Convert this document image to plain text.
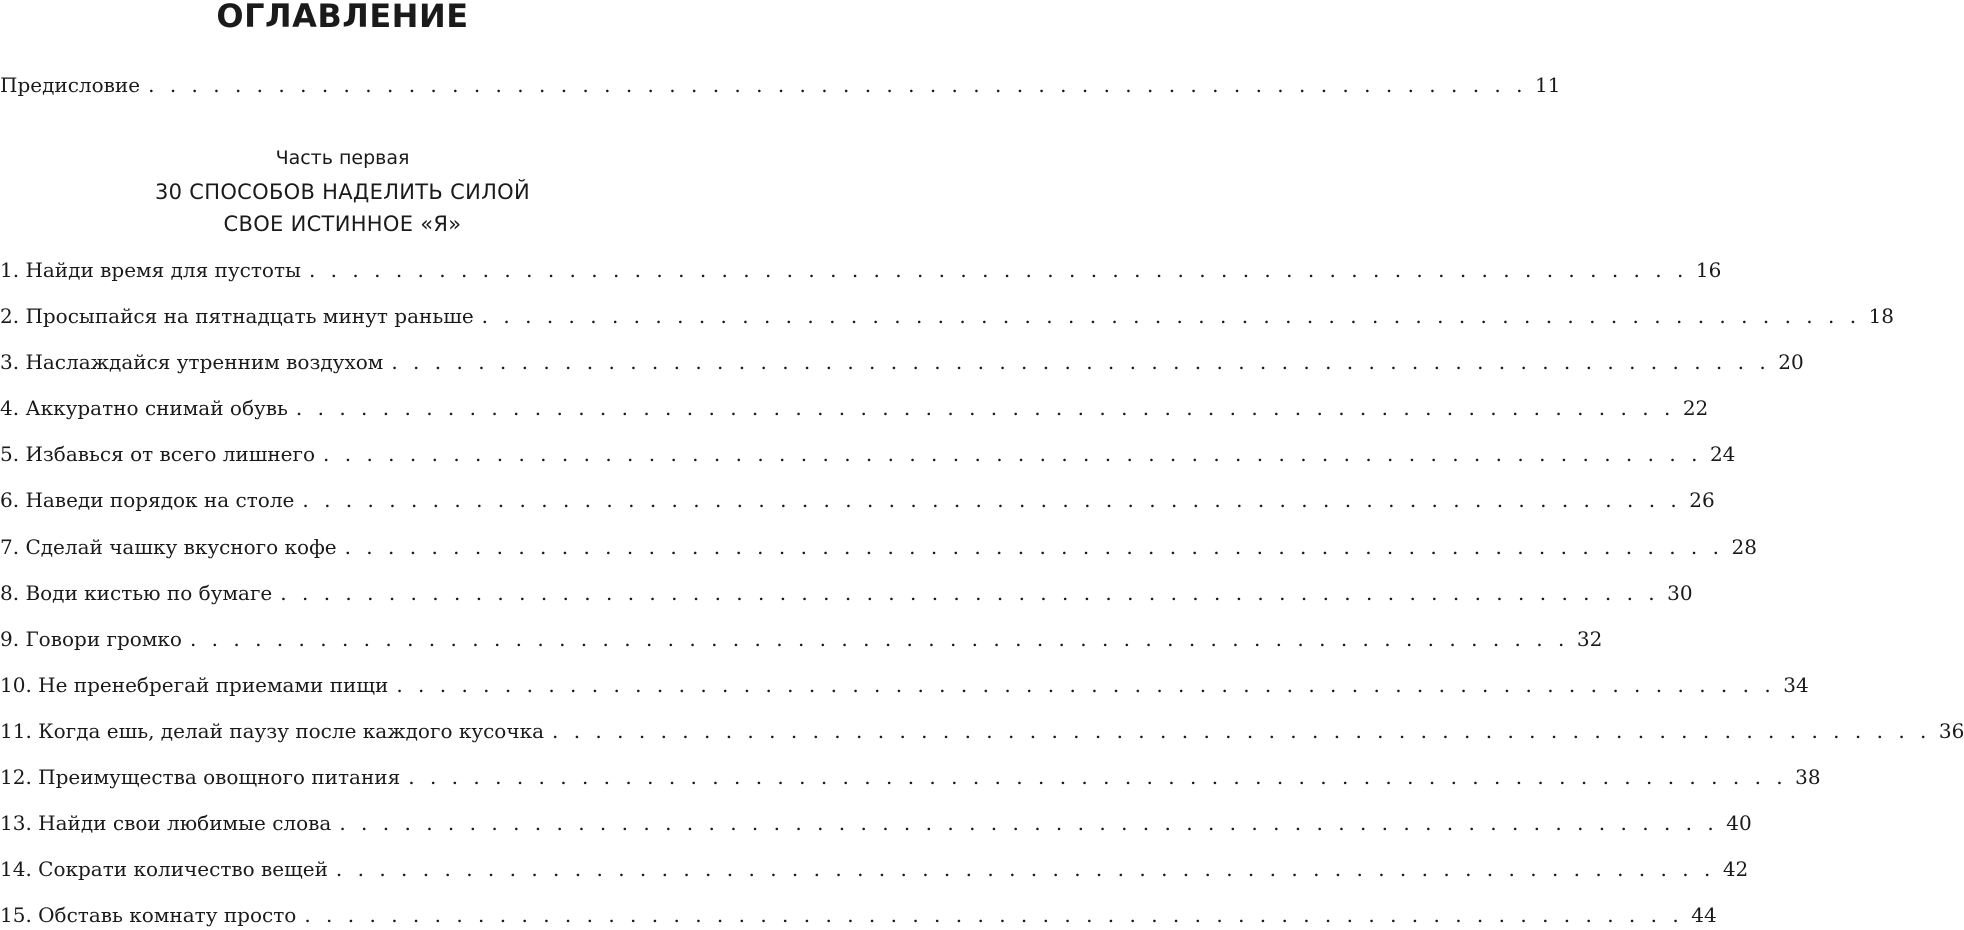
ОГЛАВЛЕНИЕ
Предисловие . . . . . . . . . . . . . . . . . . . . . . . . . . . . . . . . . . . . . . . . . . . . . . . . . . . . . . . . . . . . . . . . 11
Часть первая
30 СПОСОБОВ НАДЕЛИТЬ СИЛОЙ
СВОЕ ИСТИННОЕ «Я»
1. Найди время для пустоты . . . . . . . . . . . . . . . . . . . . . . . . . . . . . . . . . . . . . . . . . . . . . . . . . . . . . . . . . . . . . . . . 16
2. Просыпайся на пятнадцать минут раньше . . . . . . . . . . . . . . . . . . . . . . . . . . . . . . . . . . . . . . . . . . . . . . . . . . . . . . . . . . . . . . . . 18
3. Наслаждайся утренним воздухом . . . . . . . . . . . . . . . . . . . . . . . . . . . . . . . . . . . . . . . . . . . . . . . . . . . . . . . . . . . . . . . . 20
4. Аккуратно снимай обувь . . . . . . . . . . . . . . . . . . . . . . . . . . . . . . . . . . . . . . . . . . . . . . . . . . . . . . . . . . . . . . . . 22
5. Избавься от всего лишнего . . . . . . . . . . . . . . . . . . . . . . . . . . . . . . . . . . . . . . . . . . . . . . . . . . . . . . . . . . . . . . . . 24
6. Наведи порядок на столе . . . . . . . . . . . . . . . . . . . . . . . . . . . . . . . . . . . . . . . . . . . . . . . . . . . . . . . . . . . . . . . . 26
7. Сделай чашку вкусного кофе . . . . . . . . . . . . . . . . . . . . . . . . . . . . . . . . . . . . . . . . . . . . . . . . . . . . . . . . . . . . . . . . 28
8. Води кистью по бумаге . . . . . . . . . . . . . . . . . . . . . . . . . . . . . . . . . . . . . . . . . . . . . . . . . . . . . . . . . . . . . . . . 30
9. Говори громко . . . . . . . . . . . . . . . . . . . . . . . . . . . . . . . . . . . . . . . . . . . . . . . . . . . . . . . . . . . . . . . . 32
10. Не пренебрегай приемами пищи . . . . . . . . . . . . . . . . . . . . . . . . . . . . . . . . . . . . . . . . . . . . . . . . . . . . . . . . . . . . . . . . 34
11. Когда ешь, делай паузу после каждого кусочка . . . . . . . . . . . . . . . . . . . . . . . . . . . . . . . . . . . . . . . . . . . . . . . . . . . . . . . . . . . . . . . . 36
12. Преимущества овощного питания . . . . . . . . . . . . . . . . . . . . . . . . . . . . . . . . . . . . . . . . . . . . . . . . . . . . . . . . . . . . . . . . 38
13. Найди свои любимые слова . . . . . . . . . . . . . . . . . . . . . . . . . . . . . . . . . . . . . . . . . . . . . . . . . . . . . . . . . . . . . . . . 40
14. Сократи количество вещей . . . . . . . . . . . . . . . . . . . . . . . . . . . . . . . . . . . . . . . . . . . . . . . . . . . . . . . . . . . . . . . . 42
15. Обставь комнату просто . . . . . . . . . . . . . . . . . . . . . . . . . . . . . . . . . . . . . . . . . . . . . . . . . . . . . . . . . . . . . . . . 44
